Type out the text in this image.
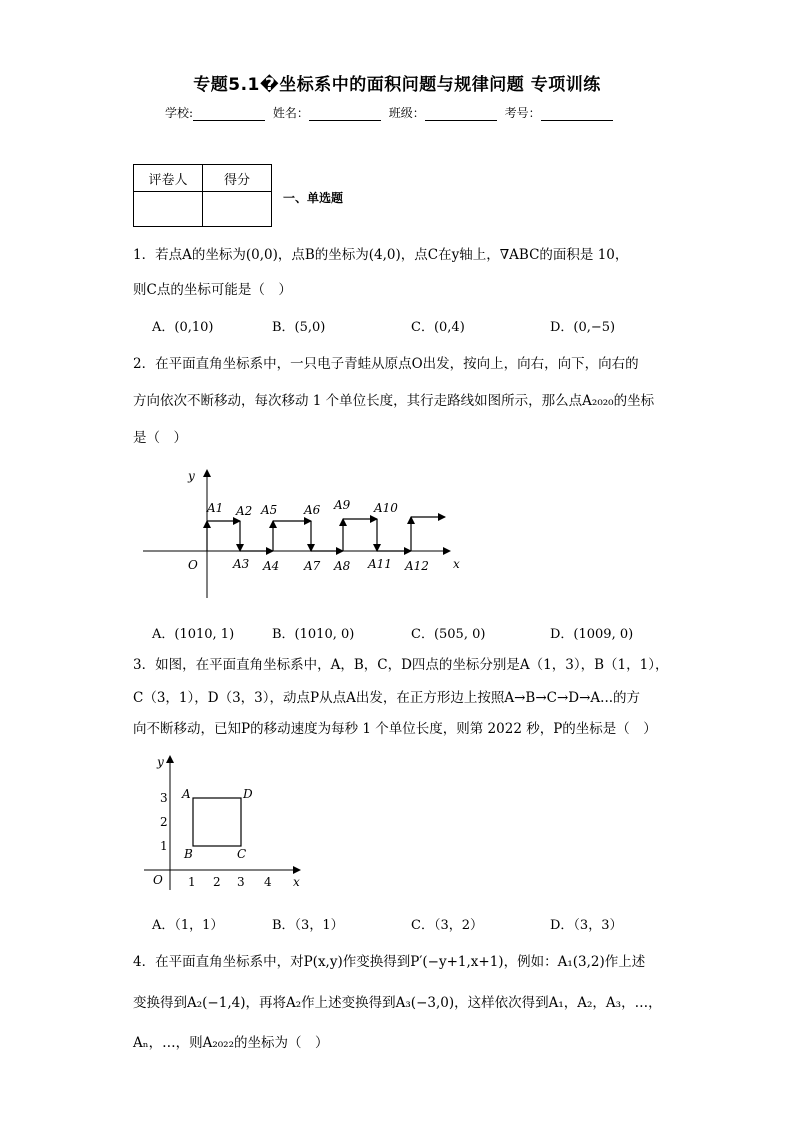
专题5.1�坐标系中的面积问题与规律问题 专项训练
学校:	姓名：	班级：	考号：
评卷人	得分

一、单选题
1．若点A的坐标为(0,0)，点B的坐标为(4,0)，点C在y轴上，∇ABC的面积是 10，
则C点的坐标可能是（　）
A．(0,10)	B．(5,0)	C．(0,4)	D．(0,−5)
2．在平面直角坐标系中，一只电子青蛙从原点O出发，按向上，向右，向下，向右的
方向依次不断移动，每次移动 1 个单位长度，其行走路线如图所示，那么点A₂₀₂₀的坐标
是（　）
x
y
O
A1 A2
A3 A4
A5 A6
A7 A8
A9 A10
A11 A12
A．(1010, 1)	B．(1010, 0)	C．(505, 0)	D．(1009, 0)
3．如图，在平面直角坐标系中，A，B，C，D四点的坐标分别是A（1，3），B（1，1），
C（3，1），D（3，3），动点P从点A出发，在正方形边上按照A→B→C→D→A...的方
向不断移动，已知P的移动速度为每秒 1 个单位长度，则第 2022 秒，P的坐标是（　）
x
y
O 1 2 3 4
1
2
3 A
B	C
D
A．（1，1）	B．（3，1）	C．（3，2）	D．（3，3）
4．在平面直角坐标系中，对P(x,y)作变换得到P′(−y+1,x+1)，例如：A₁(3,2)作上述
变换得到A₂(−1,4)，再将A₂作上述变换得到A₃(−3,0)，这样依次得到A₁，A₂，A₃，…，
Aₙ，…，则A₂₀₂₂的坐标为（　）
